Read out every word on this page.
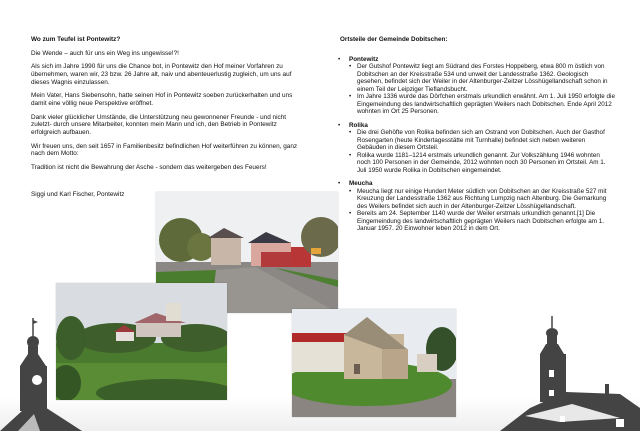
Wo zum Teufel ist Pontewitz?

Die Wende – auch für uns ein Weg ins ungewisse!?!

Als sich im Jahre 1990 für uns die Chance bot, in Pontewitz den Hof meiner Vorfahren zu übernehmen, waren wir, 23 bzw. 26 Jahre alt, naiv und abenteuerlustig zugleich, um uns auf dieses Wagnis einzulassen.

Mein Vater, Hans Siebensohn, hatte seinen Hof in Pontewitz soeben zurückerhalten und uns damit eine völlig neue Perspektive eröffnet.

Dank vieler glücklicher Umstände, die Unterstützung neu gewonnener Freunde - und nicht zuletzt- durch unsere Mitarbeiter, konnten mein Mann und ich, den Betrieb in Pontewitz erfolgreich aufbauen.

Wir freuen uns, den seit 1657 in Familienbesitz befindlichen Hof weiterführen zu können, ganz nach dem Motto:

Tradition ist nicht die Bewahrung der Asche - sondern das weitergeben des Feuers!

Siggi und Karl Fischer, Pontewitz

Ortsteile der Gemeinde Dobitschen:
• Pontewitz
• Der Gutshof Pontewitz liegt am Südrand des Forstes Hoppeberg, etwa 800 m östlich von Dobitschen an der Kreisstraße 534 und unweit der Landesstraße 1362. Geologisch gesehen, befindet sich der Weiler in der Altenburger-Zeitzer Lösshügellandschaft schon in einem Teil der Leipziger Tieflandsbucht.
• Im Jahre 1336 wurde das Dörfchen erstmals urkundlich erwähnt. Am 1. Juli 1950 erfolgte die Eingemeindung des landwirtschaftlich geprägten Weilers nach Dobitschen. Ende April 2012 wohnten im Ort 25 Personen.
• Rolika
• Die drei Gehöfte von Rolika befinden sich am Ostrand von Dobitschen. Auch der Gasthof Rosengarten (heute Kindertagesstätte mit Turnhalle) befindet sich neben weiteren Gebäuden in diesem Ortsteil.
• Rolika wurde 1181–1214 erstmals urkundlich genannt. Zur Volkszählung 1946 wohnten noch 100 Personen in der Gemeinde, 2012 wohnten noch 30 Personen im Ortsteil. Am 1. Juli 1950 wurde Rolika in Dobitschen eingemeindet.
• Meucha
• Meucha liegt nur einige Hundert Meter südlich von Dobitschen an der Kreisstraße 527 mit Kreuzung der Landesstraße 1362 aus Richtung Lumpzig nach Altenburg. Die Gemarkung des Weilers befindet sich auch in der Altenburger-Zeitzer Lösshügellandschaft.
• Bereits am 24. September 1140 wurde der Weiler erstmals urkundlich genannt.[1] Die Eingemeindung des landwirtschaftlich geprägten Weilers nach Dobitschen erfolgte am 1. Januar 1957. 20 Einwohner leben 2012 in dem Ort.
